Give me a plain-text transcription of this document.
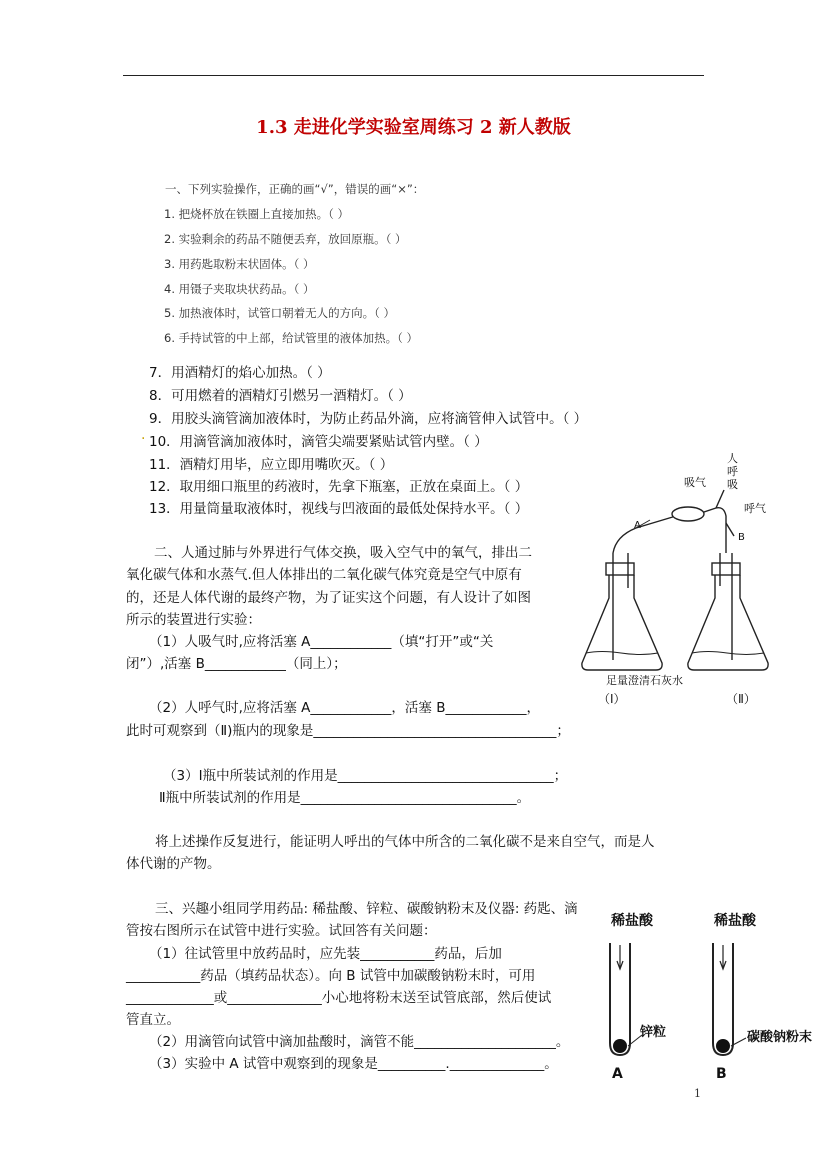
1.3 走进化学实验室周练习 2 新人教版
一、下列实验操作，正确的画“√”，错误的画“×”：
1. 把烧杯放在铁圈上直接加热。（ ）
2. 实验剩余的药品不随便丢弃，放回原瓶。（ ）
3. 用药匙取粉末状固体。（ ）
4. 用镊子夹取块状药品。（ ）
5. 加热液体时，试管口朝着无人的方向。（ ）
6. 手持试管的中上部，给试管里的液体加热。（ ）
7．用酒精灯的焰心加热。（ ）
8．可用燃着的酒精灯引燃另一酒精灯。（ ）
9．用胶头滴管滴加液体时，为防止药品外滴，应将滴管伸入试管中。（ ）
. 10．用滴管滴加液体时，滴管尖端要紧贴试管内壁。（ ）
11．酒精灯用毕，应立即用嘴吹灭。（ ）
12．取用细口瓶里的药液时，先拿下瓶塞，正放在桌面上。（ ）
13．用量筒量取液体时，视线与凹液面的最低处保持水平。（ ）
二、人通过肺与外界进行气体交换，吸入空气中的氧气，排出二
氧化碳气体和水蒸气.但人体排出的二氧化碳气体究竟是空气中原有
的，还是人体代谢的最终产物，为了证实这个问题，有人设计了如图
所示的装置进行实验：
（1）人吸气时,应将活塞 A____________（填“打开”或“关
闭”）,活塞 B____________（同上）；
（2）人呼气时,应将活塞 A____________，活塞 B____________，
此时可观察到（Ⅱ)瓶内的现象是____________________________________；
（3）Ⅰ瓶中所装试剂的作用是________________________________；
Ⅱ瓶中所装试剂的作用是________________________________。
将上述操作反复进行，能证明人呼出的气体中所含的二氧化碳不是来自空气，而是人
体代谢的产物。
人
呼
吸
吸气
呼气
A
B
足量澄清石灰水
（Ⅰ）	（Ⅱ）
三、兴趣小组同学用药品: 稀盐酸、锌粒、碳酸钠粉末及仪器: 药匙、滴
管按右图所示在试管中进行实验。试回答有关问题：
（1）往试管里中放药品时，应先装___________药品，后加
___________药品（填药品状态）。向 B 试管中加碳酸钠粉末时，可用
_____________或______________小心地将粉末送至试管底部，然后使试
管直立。
（2）用滴管向试管中滴加盐酸时，滴管不能_____________________。
（3）实验中 A 试管中观察到的现象是__________.______________。
稀盐酸	稀盐酸
锌粒	碳酸钠粉末
A	B
1
